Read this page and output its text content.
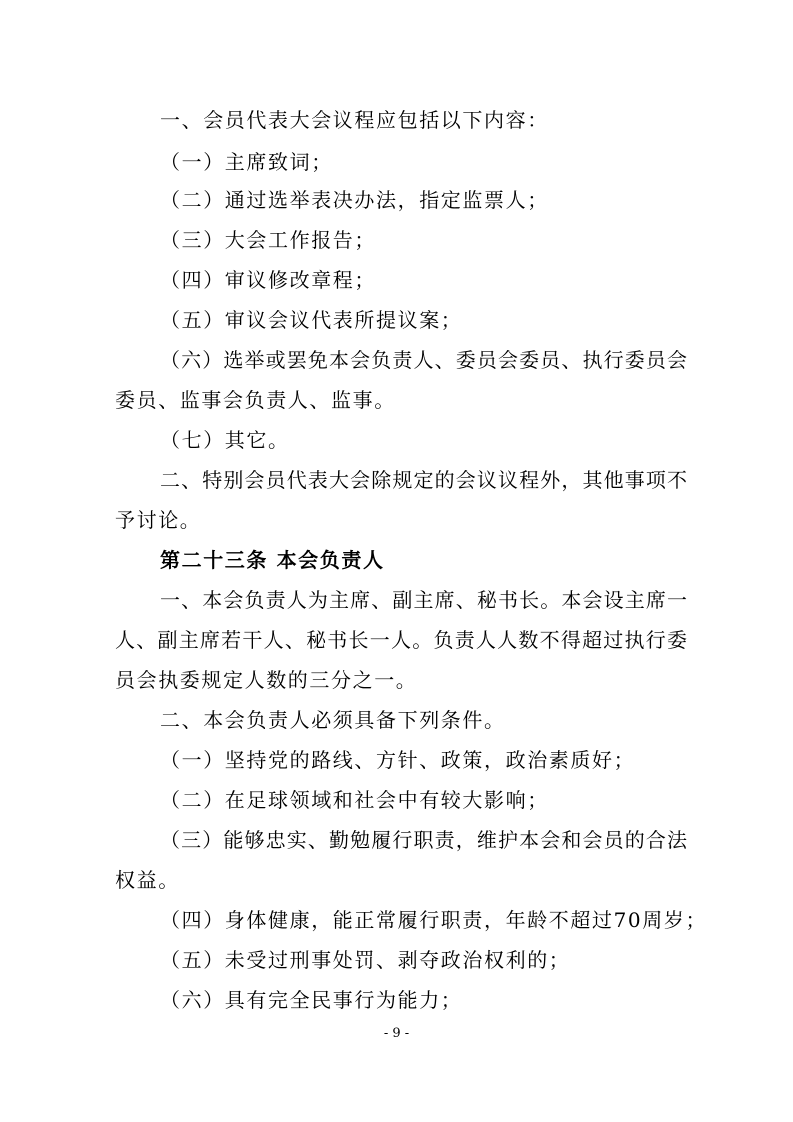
一、会员代表大会议程应包括以下内容：
（一）主席致词；
（二）通过选举表决办法，指定监票人；
（三）大会工作报告；
（四）审议修改章程；
（五）审议会议代表所提议案；
（六）选举或罢免本会负责人、委员会委员、执行委员会
委员、监事会负责人、监事。
（七）其它。
二、特别会员代表大会除规定的会议议程外，其他事项不
予讨论。
第二十三条 本会负责人
一、本会负责人为主席、副主席、秘书长。本会设主席一
人、副主席若干人、秘书长一人。负责人人数不得超过执行委
员会执委规定人数的三分之一。
二、本会负责人必须具备下列条件。
（一）坚持党的路线、方针、政策，政治素质好；
（二）在足球领域和社会中有较大影响；
（三）能够忠实、勤勉履行职责，维护本会和会员的合法
权益。
（四）身体健康，能正常履行职责，年龄不超过70周岁；
（五）未受过刑事处罚、剥夺政治权利的；
（六）具有完全民事行为能力；
- 9 -
